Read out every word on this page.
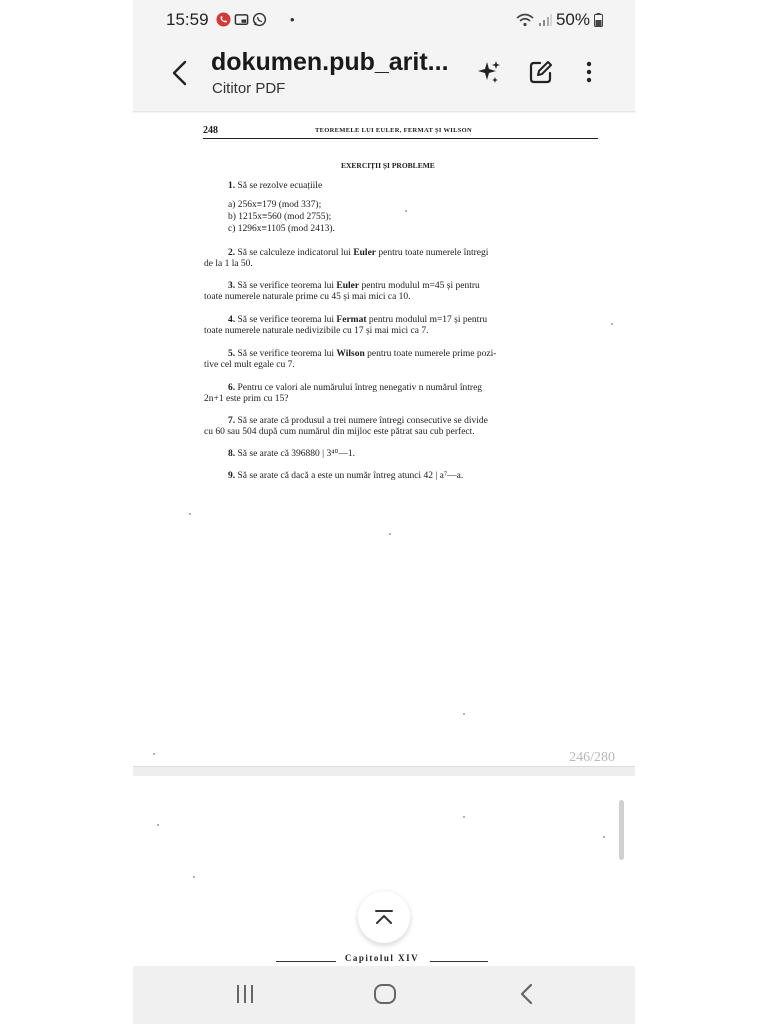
15:59	•	50%
dokumen.pub_arit...
Cititor PDF
248	TEOREMELE LUI EULER, FERMAT ȘI WILSON
EXERCIȚII ȘI PROBLEME
1. Să se rezolve ecuațiile
a) 256x≡179 (mod 337);
b) 1215x≡560 (mod 2755);
c) 1296x≡1105 (mod 2413).
2. Să se calculeze indicatorul lui Euler pentru toate numerele întregi
de la 1 la 50.
3. Să se verifice teorema lui Euler pentru modulul m=45 și pentru
toate numerele naturale prime cu 45 și mai mici ca 10.
4. Să se verifice teorema lui Fermat pentru modulul m=17 și pentru
toate numerele naturale nedivizibile cu 17 și mai mici ca 7.
5. Să se verifice teorema lui Wilson pentru toate numerele prime pozi-
tive cel mult egale cu 7.
6. Pentru ce valori ale numărului întreg nenegativ n numărul întreg
2n+1 este prim cu 15?
7. Să se arate că produsul a trei numere întregi consecutive se divide
cu 60 sau 504 după cum numărul din mijloc este pătrat sau cub perfect.
8. Să se arate că 396880 | 3⁴⁰—1.
9. Să se arate că dacă a este un număr întreg atunci 42 | a⁷—a.
246/280
Capitolul XIV
